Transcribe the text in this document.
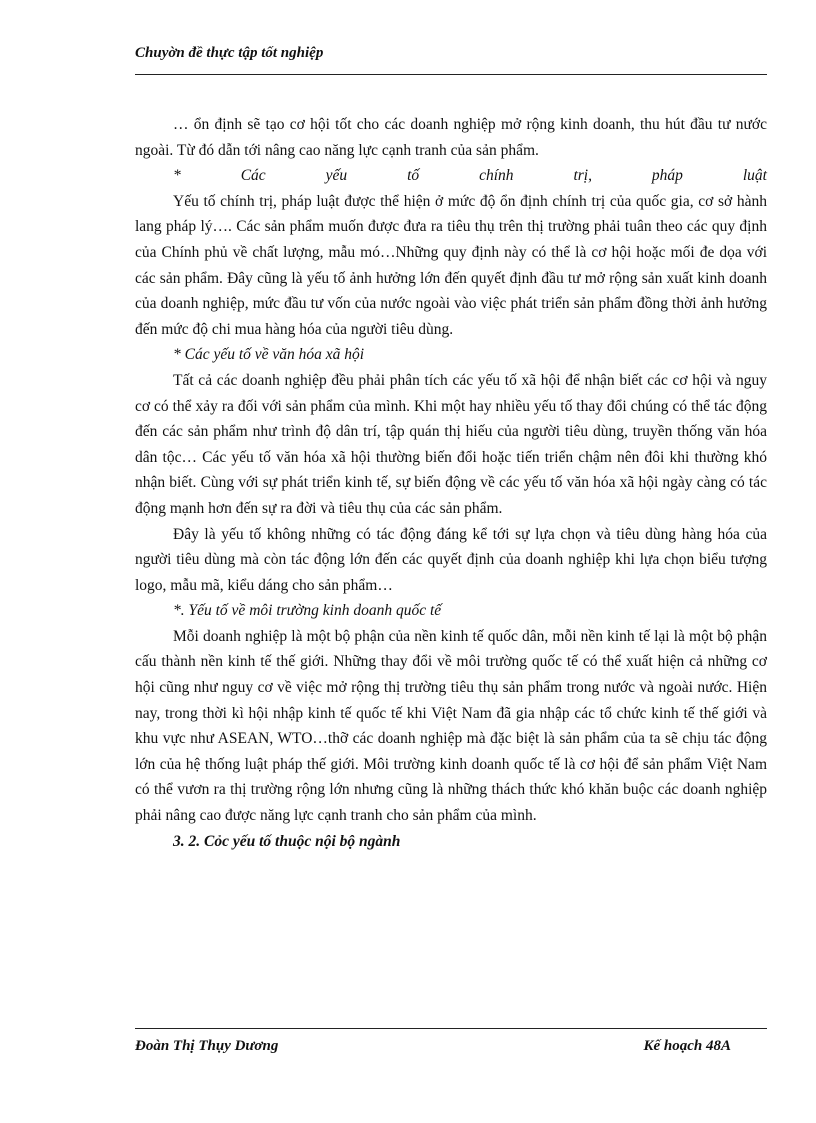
Chuyờn đề thực tập tốt nghiệp

… ổn định sẽ tạo cơ hội tốt cho các doanh nghiệp mở rộng kinh doanh, thu hút đầu tư nước ngoài. Từ đó dẫn tới nâng cao năng lực cạnh tranh của sản phẩm.

* Các yếu tố chính trị, pháp luật

Yếu tố chính trị, pháp luật được thể hiện ở mức độ ổn định chính trị của quốc gia, cơ sở hành lang pháp lý…. Các sản phẩm muốn được đưa ra tiêu thụ trên thị trường phải tuân theo các quy định của Chính phủ về chất lượng, mẫu mó…Những quy định này có thể là cơ hội hoặc mối đe dọa với các sản phẩm. Đây cũng là yếu tố ảnh hưởng lớn đến quyết định đầu tư mở rộng sản xuất kinh doanh của doanh nghiệp, mức đầu tư vốn của nước ngoài vào việc phát triển sản phẩm đồng thời ảnh hưởng đến mức độ chi mua hàng hóa của người tiêu dùng.

* Các yếu tố về văn hóa xã hội

Tất cả các doanh nghiệp đều phải phân tích các yếu tố xã hội để nhận biết các cơ hội và nguy cơ có thể xảy ra đối với sản phẩm của mình. Khi một hay nhiều yếu tố thay đổi chúng có thể tác động đến các sản phẩm như trình độ dân trí, tập quán thị hiếu của người tiêu dùng, truyền thống văn hóa dân tộc… Các yếu tố văn hóa xã hội thường biến đổi hoặc tiến triển chậm nên đôi khi thường khó nhận biết. Cùng với sự phát triển kinh tế, sự biến động về các yếu tố văn hóa xã hội ngày càng có tác động mạnh hơn đến sự ra đời và tiêu thụ của các sản phẩm.

Đây là yếu tố không những có tác động đáng kể tới sự lựa chọn và tiêu dùng hàng hóa của người tiêu dùng mà còn tác động lớn đến các quyết định của doanh nghiệp khi lựa chọn biểu tượng logo, mẫu mã, kiểu dáng cho sản phẩm…

*. Yếu tố về môi trường kinh doanh quốc tế

Mỗi doanh nghiệp là một bộ phận của nền kinh tế quốc dân, mỗi nền kinh tế lại là một bộ phận cấu thành nền kinh tế thế giới. Những thay đổi về môi trường quốc tế có thể xuất hiện cả những cơ hội cũng như nguy cơ về việc mở rộng thị trường tiêu thụ sản phẩm trong nước và ngoài nước. Hiện nay, trong thời kì hội nhập kinh tế quốc tế khi Việt Nam đã gia nhập các tổ chức kinh tế thế giới và khu vực như ASEAN, WTO…thỡ các doanh nghiệp mà đặc biệt là sản phẩm của ta sẽ chịu tác động lớn của hệ thống luật pháp thế giới. Môi trường kinh doanh quốc tế là cơ hội để sản phẩm Việt Nam có thể vươn ra thị trường rộng lớn nhưng cũng là những thách thức khó khăn buộc các doanh nghiệp phải nâng cao được năng lực cạnh tranh cho sản phẩm của mình.

3. 2. Cỏc yếu tố thuộc nội bộ ngành
Đoàn Thị Thụy Dương	Kế hoạch 48A
